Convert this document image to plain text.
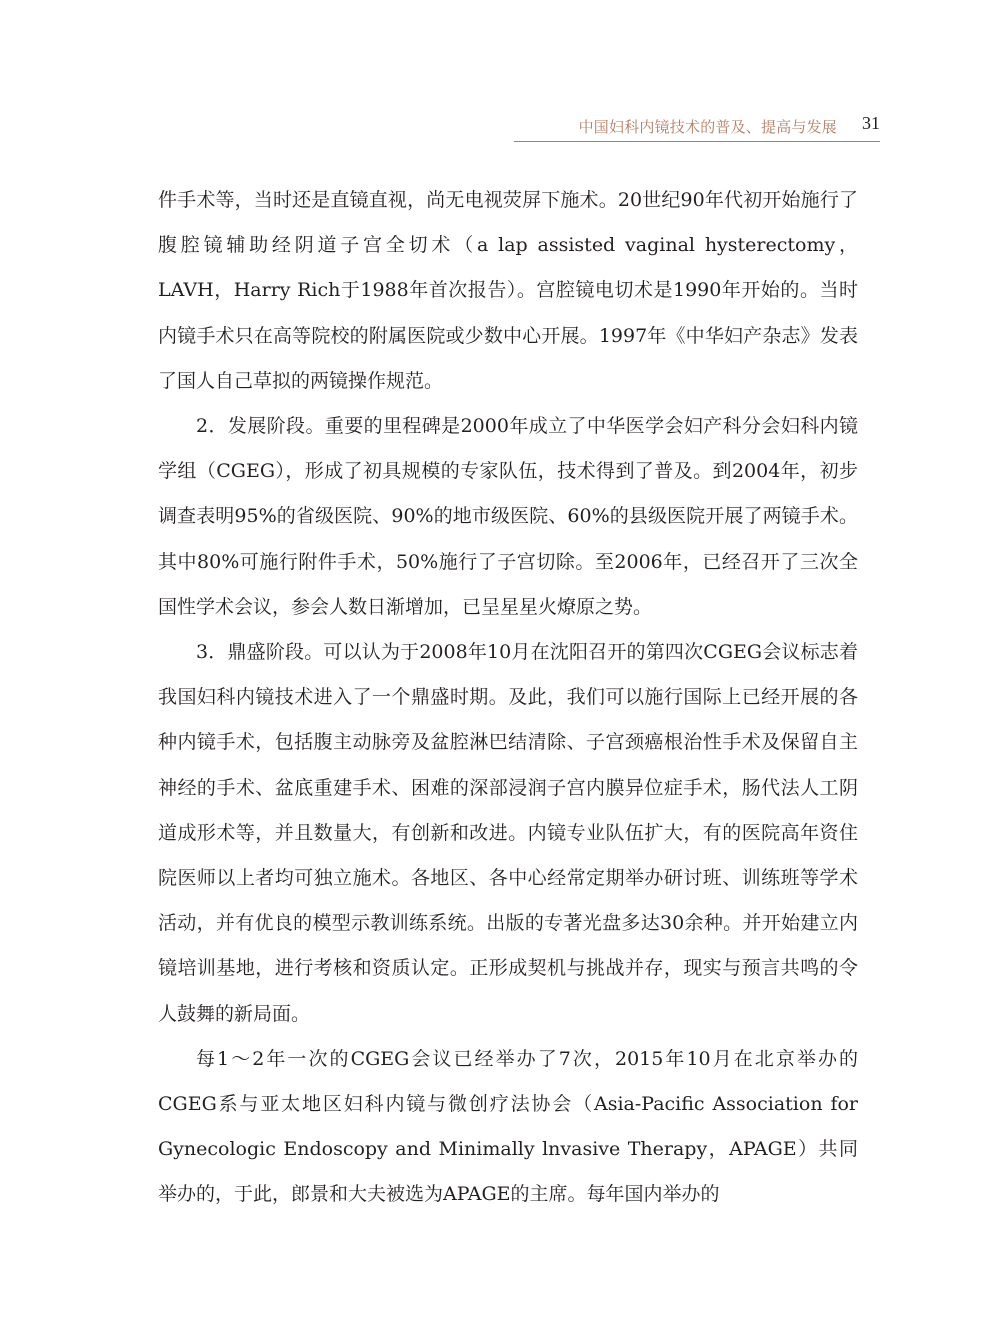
中国妇科内镜技术的普及、提高与发展 31

件手术等，当时还是直镜直视，尚无电视荧屏下施术。20世纪90年代初开始施行了腹腔镜辅助经阴道子宫全切术（a lap assisted vaginal hysterectomy，LAVH，Harry Rich于1988年首次报告）。宫腔镜电切术是1990年开始的。当时内镜手术只在高等院校的附属医院或少数中心开展。1997年《中华妇产杂志》发表了国人自己草拟的两镜操作规范。

2．发展阶段。重要的里程碑是2000年成立了中华医学会妇产科分会妇科内镜学组（CGEG），形成了初具规模的专家队伍，技术得到了普及。到2004年，初步调查表明95%的省级医院、90%的地市级医院、60%的县级医院开展了两镜手术。其中80%可施行附件手术，50%施行了子宫切除。至2006年，已经召开了三次全国性学术会议，参会人数日渐增加，已呈星星火燎原之势。

3．鼎盛阶段。可以认为于2008年10月在沈阳召开的第四次CGEG会议标志着我国妇科内镜技术进入了一个鼎盛时期。及此，我们可以施行国际上已经开展的各种内镜手术，包括腹主动脉旁及盆腔淋巴结清除、子宫颈癌根治性手术及保留自主神经的手术、盆底重建手术、困难的深部浸润子宫内膜异位症手术，肠代法人工阴道成形术等，并且数量大，有创新和改进。内镜专业队伍扩大，有的医院高年资住院医师以上者均可独立施术。各地区、各中心经常定期举办研讨班、训练班等学术活动，并有优良的模型示教训练系统。出版的专著光盘多达30余种。并开始建立内镜培训基地，进行考核和资质认定。正形成契机与挑战并存，现实与预言共鸣的令人鼓舞的新局面。

每1～2年一次的CGEG会议已经举办了7次，2015年10月在北京举办的CGEG系与亚太地区妇科内镜与微创疗法协会（Asia-Pacific Association for Gynecologic Endoscopy and Minimally lnvasive Therapy，APAGE）共同举办的，于此，郎景和大夫被选为APAGE的主席。每年国内举办的
